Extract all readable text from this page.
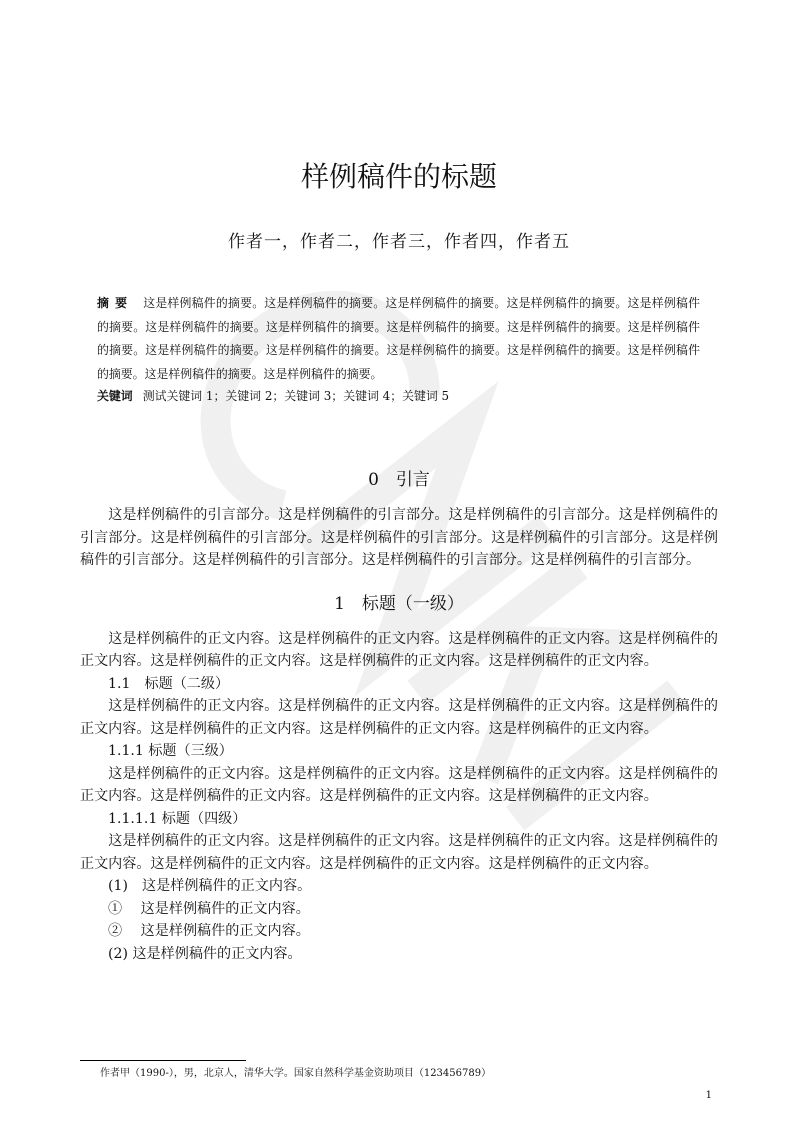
样例稿件的标题
作者一，作者二，作者三，作者四，作者五
摘要 这是样例稿件的摘要。这是样例稿件的摘要。这是样例稿件的摘要。这是样例稿件的摘要。这是样例稿件的摘要。这是样例稿件的摘要。这是样例稿件的摘要。这是样例稿件的摘要。这是样例稿件的摘要。这是样例稿件的摘要。这是样例稿件的摘要。这是样例稿件的摘要。这是样例稿件的摘要。这是样例稿件的摘要。这是样例稿件的摘要。这是样例稿件的摘要。这是样例稿件的摘要。
关键词 测试关键词 1；关键词 2；关键词 3；关键词 4；关键词 5
0　引言

这是样例稿件的引言部分。这是样例稿件的引言部分。这是样例稿件的引言部分。这是样例稿件的引言部分。这是样例稿件的引言部分。这是样例稿件的引言部分。这是样例稿件的引言部分。这是样例稿件的引言部分。这是样例稿件的引言部分。这是样例稿件的引言部分。这是样例稿件的引言部分。

1　标题（一级）

这是样例稿件的正文内容。这是样例稿件的正文内容。这是样例稿件的正文内容。这是样例稿件的正文内容。这是样例稿件的正文内容。这是样例稿件的正文内容。这是样例稿件的正文内容。

1.1　标题（二级）

这是样例稿件的正文内容。这是样例稿件的正文内容。这是样例稿件的正文内容。这是样例稿件的正文内容。这是样例稿件的正文内容。这是样例稿件的正文内容。这是样例稿件的正文内容。

1.1.1 标题（三级）

这是样例稿件的正文内容。这是样例稿件的正文内容。这是样例稿件的正文内容。这是样例稿件的正文内容。这是样例稿件的正文内容。这是样例稿件的正文内容。这是样例稿件的正文内容。

1.1.1.1 标题（四级）

这是样例稿件的正文内容。这是样例稿件的正文内容。这是样例稿件的正文内容。这是样例稿件的正文内容。这是样例稿件的正文内容。这是样例稿件的正文内容。这是样例稿件的正文内容。

(1)　这是样例稿件的正文内容。
①　 这是样例稿件的正文内容。
②　 这是样例稿件的正文内容。
(2) 这是样例稿件的正文内容。
作者甲（1990-），男，北京人，清华大学。国家自然科学基金资助项目（123456789）
1
